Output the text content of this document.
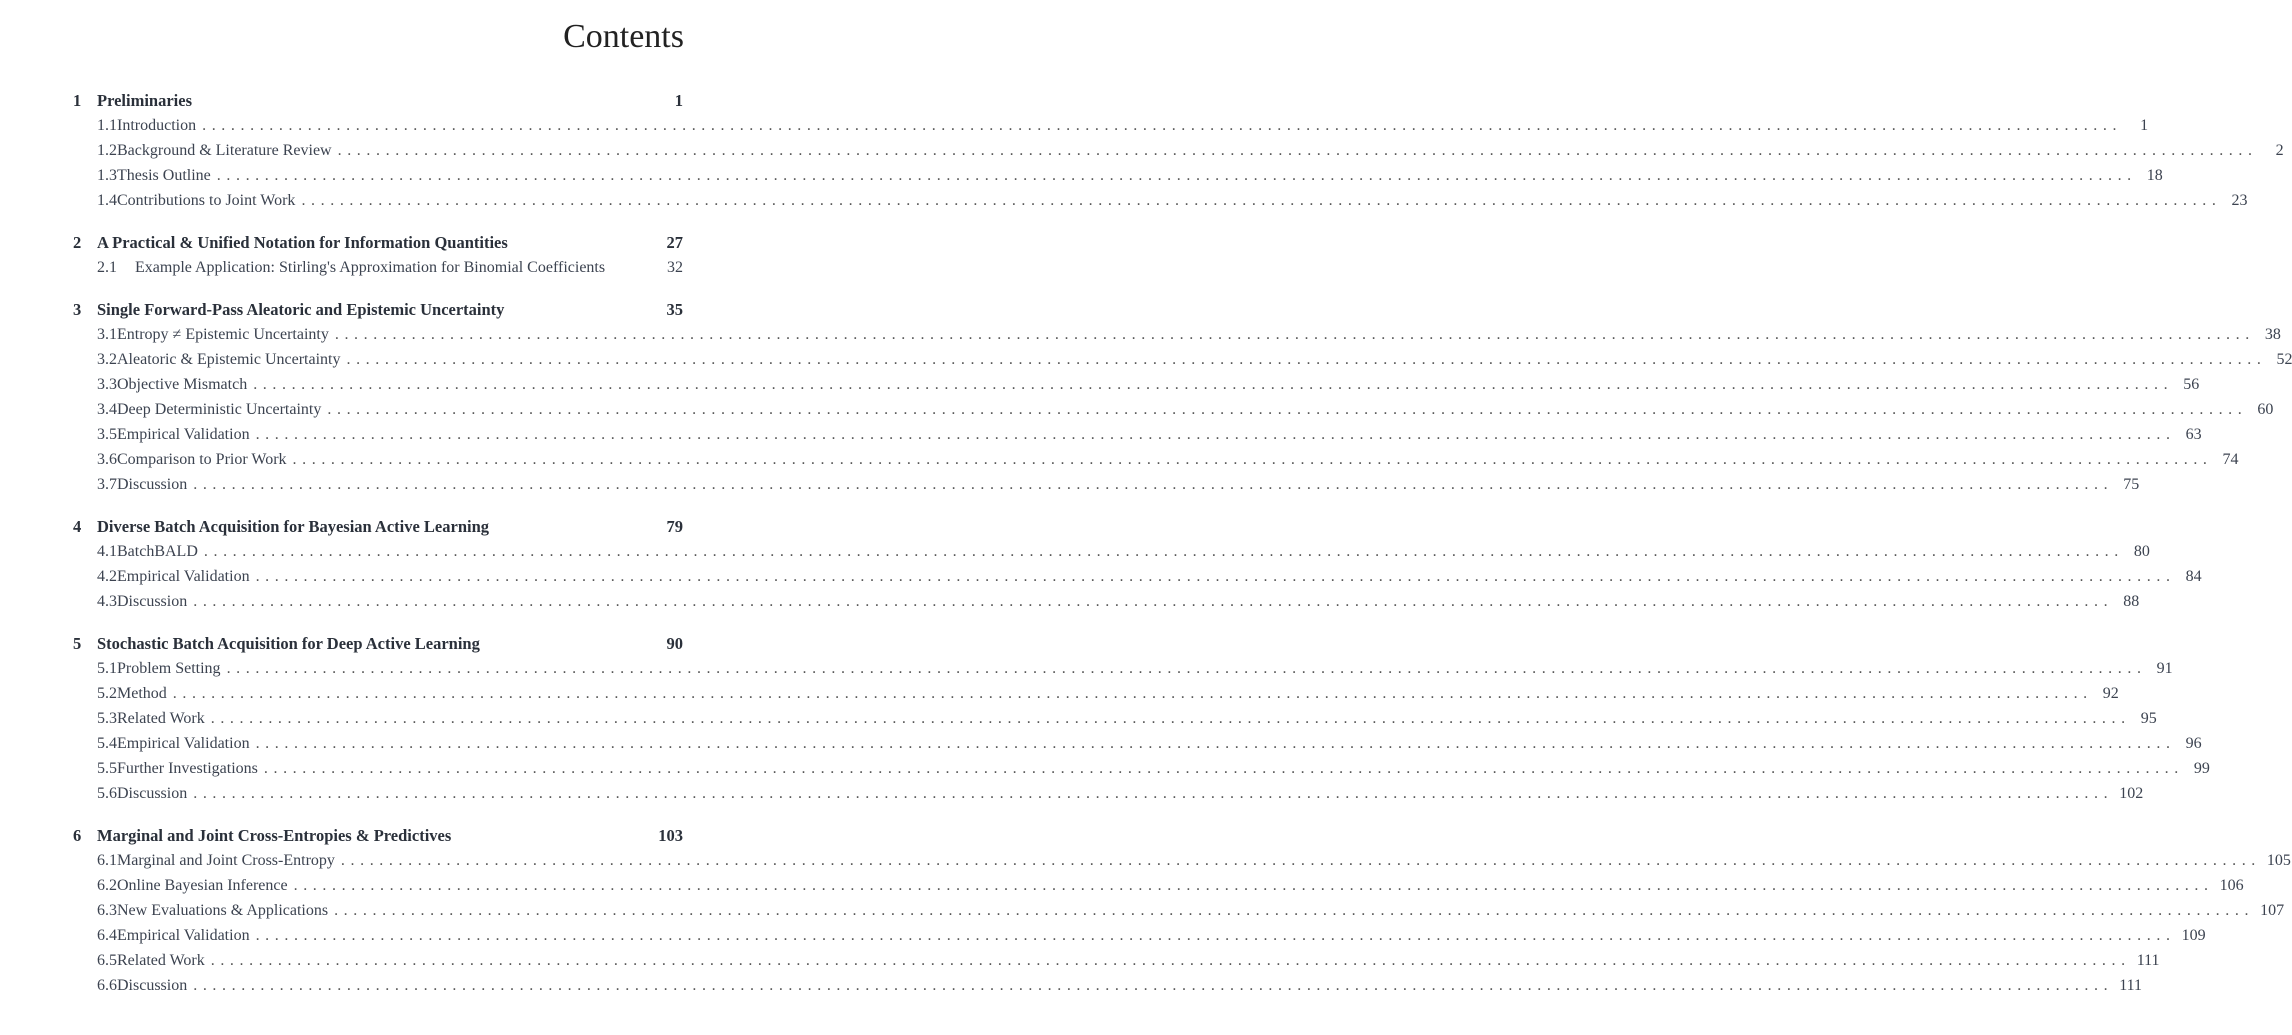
Contents
1 Preliminaries	1
1.1 Introduction ........................................................................................................................................................................................................	1
1.2 Background & Literature Review ........................................................................................................................................................................................................	2
1.3 Thesis Outline ........................................................................................................................................................................................................ 18
1.4 Contributions to Joint Work ........................................................................................................................................................................................................ 23
2 A Practical & Unified Notation for Information Quantities	27
2.1	Example Application: Stirling's Approximation for Binomial Coefficients	32
3 Single Forward-Pass Aleatoric and Epistemic Uncertainty	35
3.1 Entropy ≠ Epistemic Uncertainty ........................................................................................................................................................................................................ 38
3.2 Aleatoric & Epistemic Uncertainty ........................................................................................................................................................................................................ 52
3.3 Objective Mismatch ........................................................................................................................................................................................................ 56
3.4 Deep Deterministic Uncertainty ........................................................................................................................................................................................................ 60
3.5 Empirical Validation ........................................................................................................................................................................................................ 63
3.6 Comparison to Prior Work ........................................................................................................................................................................................................ 74
3.7 Discussion ........................................................................................................................................................................................................ 75
4 Diverse Batch Acquisition for Bayesian Active Learning	79
4.1 BatchBALD ........................................................................................................................................................................................................ 80
4.2 Empirical Validation ........................................................................................................................................................................................................ 84
4.3 Discussion ........................................................................................................................................................................................................ 88
5 Stochastic Batch Acquisition for Deep Active Learning	90
5.1 Problem Setting ........................................................................................................................................................................................................ 91
5.2 Method ........................................................................................................................................................................................................ 92
5.3 Related Work ........................................................................................................................................................................................................ 95
5.4 Empirical Validation ........................................................................................................................................................................................................ 96
5.5 Further Investigations ........................................................................................................................................................................................................ 99
5.6 Discussion ........................................................................................................................................................................................................ 102
6 Marginal and Joint Cross-Entropies & Predictives	103
6.1 Marginal and Joint Cross-Entropy ........................................................................................................................................................................................................ 105
6.2 Online Bayesian Inference ........................................................................................................................................................................................................ 106
6.3 New Evaluations & Applications ........................................................................................................................................................................................................ 107
6.4 Empirical Validation ........................................................................................................................................................................................................ 109
6.5 Related Work ........................................................................................................................................................................................................ 111
6.6 Discussion ........................................................................................................................................................................................................ 111
